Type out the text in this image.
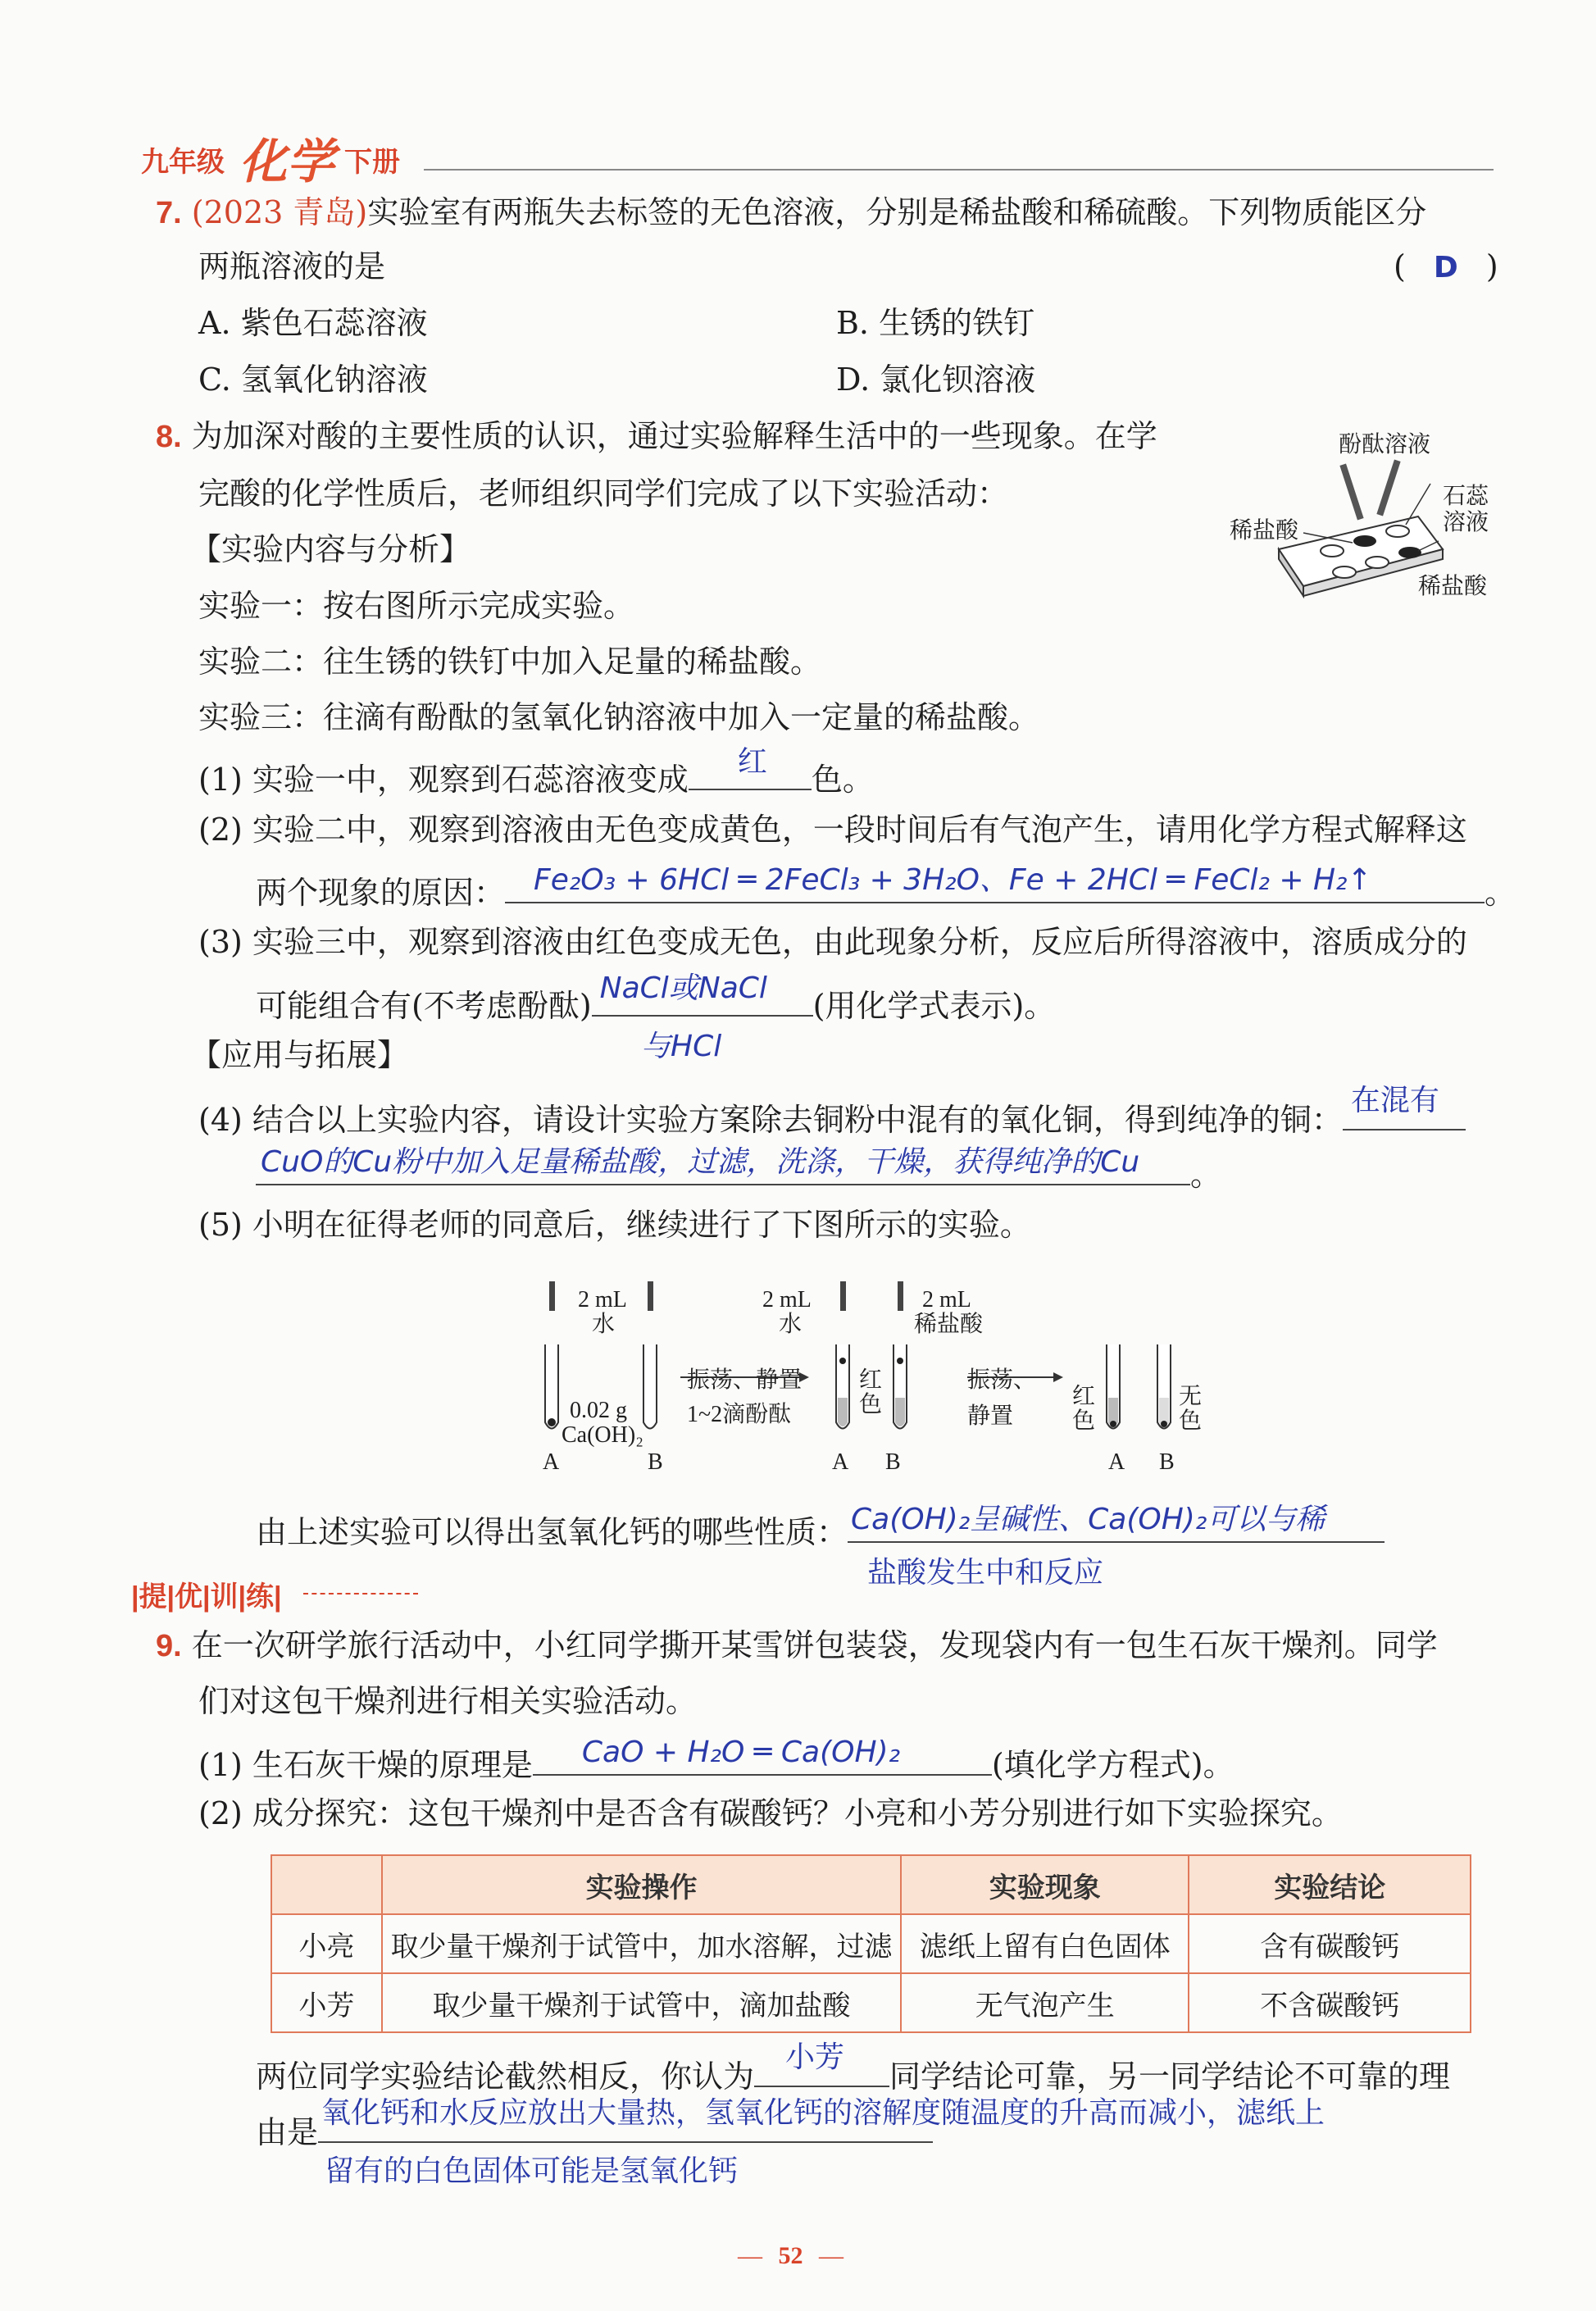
九年级 化学 下册
7. (2023 青岛)实验室有两瓶失去标签的无色溶液，分别是稀盐酸和稀硫酸。下列物质能区分
两瓶溶液的是	( D )
A. 紫色石蕊溶液	B. 生锈的铁钉
C. 氢氧化钠溶液	D. 氯化钡溶液
8. 为加深对酸的主要性质的认识，通过实验解释生活中的一些现象。在学
完酸的化学性质后，老师组织同学们完成了以下实验活动：
【实验内容与分析】
实验一：按右图所示完成实验。
实验二：往生锈的铁钉中加入足量的稀盐酸。
实验三：往滴有酚酞的氢氧化钠溶液中加入一定量的稀盐酸。
酚酞溶液
石蕊
溶液
稀盐酸
稀盐酸
(1) 实验一中，观察到石蕊溶液变成 红 色。
(2) 实验二中，观察到溶液由无色变成黄色，一段时间后有气泡产生，请用化学方程式解释这
两个现象的原因： Fe₂O₃ + 6HCl ═ 2FeCl₃ + 3H₂O、Fe + 2HCl ═ FeCl₂ + H₂↑	。
(3) 实验三中，观察到溶液由红色变成无色，由此现象分析，反应后所得溶液中，溶质成分的
可能组合有(不考虑酚酞) NaCl或NaCl (用化学式表示)。
与HCl
【应用与拓展】
(4) 结合以上实验内容，请设计实验方案除去铜粉中混有的氧化铜，得到纯净的铜：
在混有
CuO的Cu粉中加入足量稀盐酸，过滤，洗涤，干燥，获得纯净的Cu 。
(5) 小明在征得老师的同意后，继续进行了下图所示的实验。
2 mL
水
0.02 g
Ca(OH)₂
振荡、静置
1~2滴酚酞
2 mL
水
2 mL
稀盐酸
红
色
振荡、
静置
红
色
无
色
A	B	A B	A B
由上述实验可以得出氢氧化钙的哪些性质： Ca(OH)₂呈碱性、Ca(OH)₂可以与稀
盐酸发生中和反应
|提|优|训|练|
9. 在一次研学旅行活动中，小红同学撕开某雪饼包装袋，发现袋内有一包生石灰干燥剂。同学
们对这包干燥剂进行相关实验活动。
(1) 生石灰干燥的原理是 CaO + H₂O ═ Ca(OH)₂	(填化学方程式)。
(2) 成分探究：这包干燥剂中是否含有碳酸钙？小亮和小芳分别进行如下实验探究。
	实验操作	实验现象	实验结论
小亮	取少量干燥剂于试管中，加水溶解，过滤	滤纸上留有白色固体	含有碳酸钙
小芳	取少量干燥剂于试管中，滴加盐酸	无气泡产生	不含碳酸钙
两位同学实验结论截然相反，你认为
小芳
同学结论可靠，另一同学结论不可靠的理
由是
氧化钙和水反应放出大量热，氢氧化钙的溶解度随温度的升高而减小，滤纸上
留有的白色固体可能是氢氧化钙
— 52 —
